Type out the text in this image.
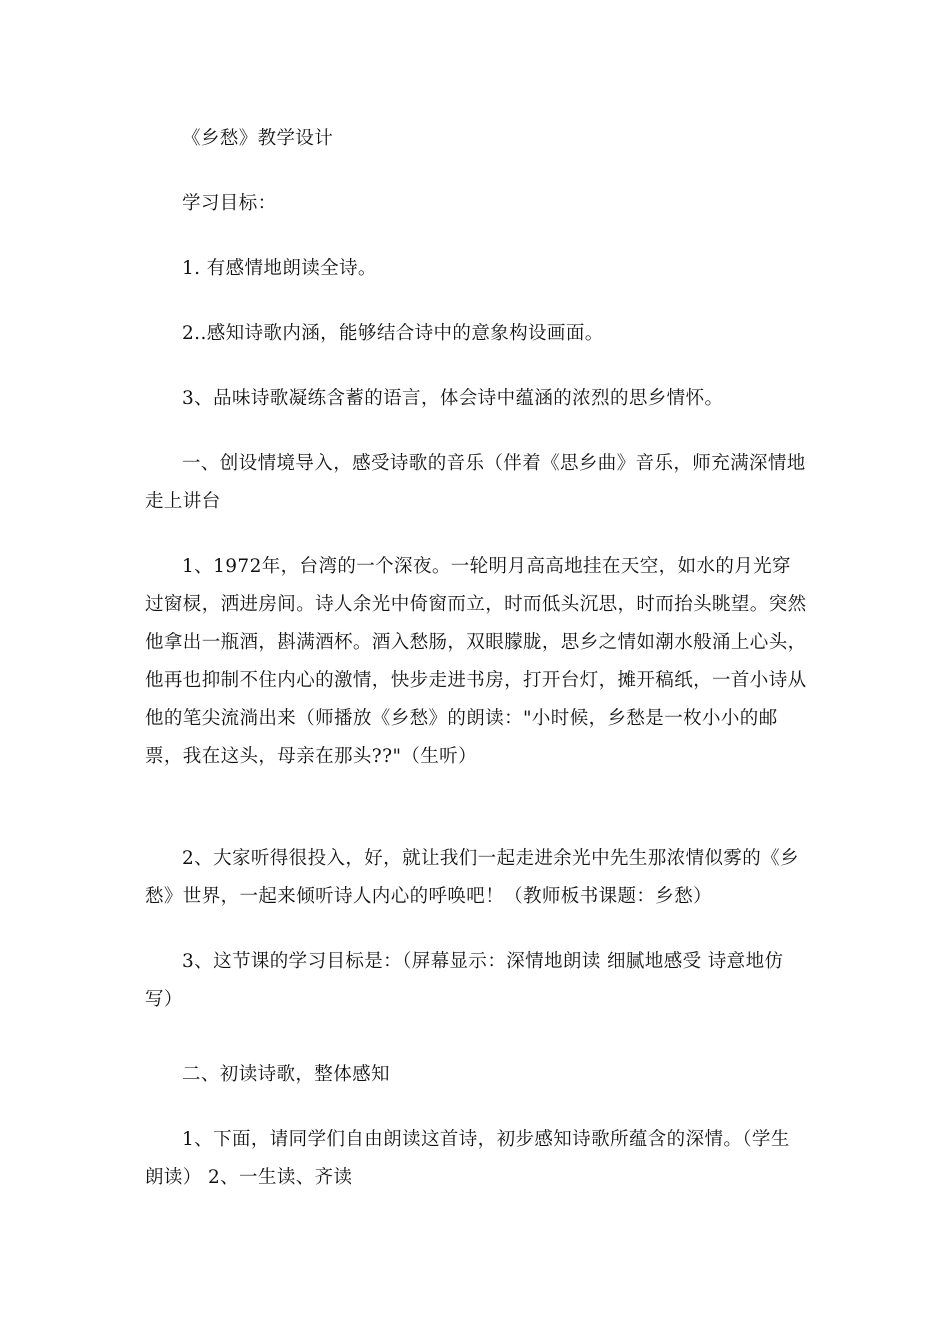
《乡愁》教学设计

学习目标：

1. 有感情地朗读全诗。

2..感知诗歌内涵，能够结合诗中的意象构设画面。

3、品味诗歌凝练含蓄的语言，体会诗中蕴涵的浓烈的思乡情怀。

一、创设情境导入，感受诗歌的音乐（伴着《思乡曲》音乐，师充满深情地走上讲台

1、1972年，台湾的一个深夜。一轮明月高高地挂在天空，如水的月光穿过窗棂，洒进房间。诗人余光中倚窗而立，时而低头沉思，时而抬头眺望。突然他拿出一瓶酒，斟满酒杯。酒入愁肠，双眼朦胧，思乡之情如潮水般涌上心头，他再也抑制不住内心的激情，快步走进书房，打开台灯，摊开稿纸，一首小诗从他的笔尖流淌出来（师播放《乡愁》的朗读："小时候，乡愁是一枚小小的邮票，我在这头，母亲在那头??"（生听）

2、大家听得很投入，好，就让我们一起走进余光中先生那浓情似雾的《乡愁》世界，一起来倾听诗人内心的呼唤吧！（教师板书课题：乡愁）

3、这节课的学习目标是：（屏幕显示：深情地朗读 细腻地感受 诗意地仿写）

二、初读诗歌，整体感知

1、下面，请同学们自由朗读这首诗，初步感知诗歌所蕴含的深情。（学生朗读） 2、一生读、齐读
